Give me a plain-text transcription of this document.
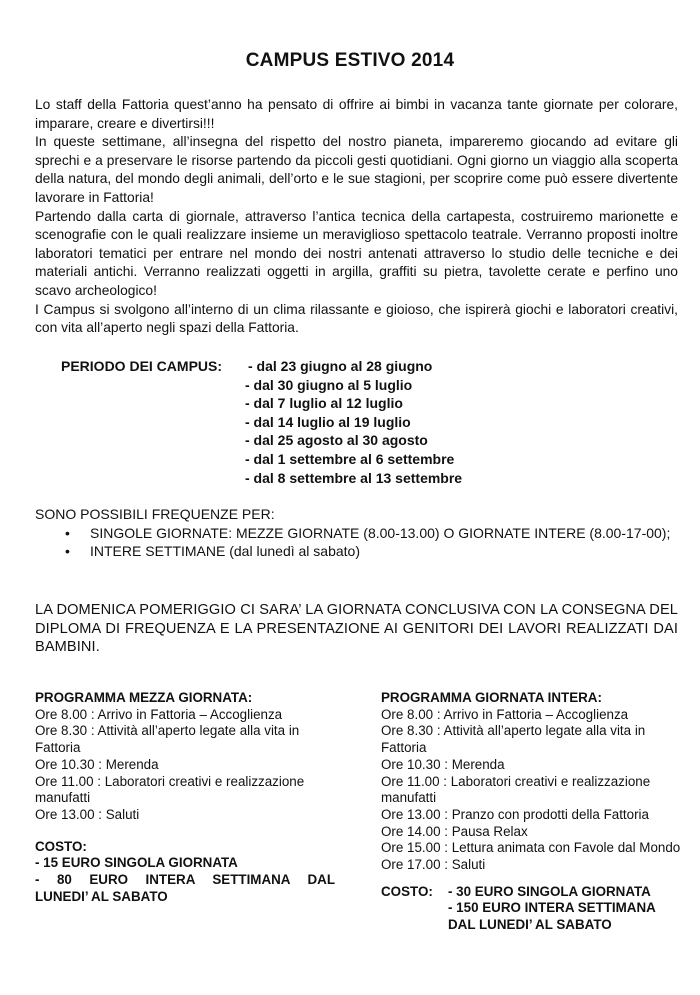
CAMPUS ESTIVO 2014

Lo staff della Fattoria quest’anno ha pensato di offrire ai bimbi in vacanza tante giornate per colorare, imparare, creare e divertirsi!!!

In queste settimane, all’insegna del rispetto del nostro pianeta, impareremo giocando ad evitare gli sprechi e a preservare le risorse partendo da piccoli gesti quotidiani. Ogni giorno un viaggio alla scoperta della natura, del mondo degli animali, dell’orto e le sue stagioni, per scoprire come può essere divertente lavorare in Fattoria!

Partendo dalla carta di giornale, attraverso l’antica tecnica della cartapesta, costruiremo marionette e scenografie con le quali realizzare insieme un meraviglioso spettacolo teatrale. Verranno proposti inoltre laboratori tematici per entrare nel mondo dei nostri antenati attraverso lo studio delle tecniche e dei materiali antichi. Verranno realizzati oggetti in argilla, graffiti su pietra, tavolette cerate e perfino uno scavo archeologico!

I Campus si svolgono all’interno di un clima rilassante e gioioso, che ispirerà giochi e laboratori creativi, con vita all’aperto negli spazi della Fattoria.

PERIODO DEI CAMPUS: - dal 23 giugno al 28 giugno
- dal 30 giugno al 5 luglio
- dal 7 luglio al 12 luglio
- dal 14 luglio al 19 luglio
- dal 25 agosto al 30 agosto
- dal 1 settembre al 6 settembre
- dal 8 settembre al 13 settembre

SONO POSSIBILI FREQUENZE PER:

• SINGOLE GIORNATE: MEZZE GIORNATE (8.00-13.00) O GIORNATE INTERE (8.00-17-00);
• INTERE SETTIMANE (dal lunedì al sabato)
LA DOMENICA POMERIGGIO CI SARA’ LA GIORNATA CONCLUSIVA CON LA CONSEGNA DEL DIPLOMA DI FREQUENZA E LA PRESENTAZIONE AI GENITORI DEI LAVORI REALIZZATI DAI BAMBINI.
PROGRAMMA MEZZA GIORNATA:
Ore 8.00 : Arrivo in Fattoria – Accoglienza
Ore 8.30 : Attività all’aperto legate alla vita in Fattoria
Ore 10.30 : Merenda
Ore 11.00 : Laboratori creativi e realizzazione manufatti
Ore 13.00 : Saluti
COSTO:
- 15 EURO SINGOLA GIORNATA
- 80 EURO INTERA SETTIMANA DAL
LUNEDI’ AL SABATO
PROGRAMMA GIORNATA INTERA:
Ore 8.00 : Arrivo in Fattoria – Accoglienza
Ore 8.30 : Attività all’aperto legate alla vita in Fattoria
Ore 10.30 : Merenda
Ore 11.00 : Laboratori creativi e realizzazione manufatti
Ore 13.00 : Pranzo con prodotti della Fattoria
Ore 14.00 : Pausa Relax
Ore 15.00 : Lettura animata con Favole dal Mondo
Ore 17.00 : Saluti
COSTO: - 30 EURO SINGOLA GIORNATA
- 150 EURO INTERA SETTIMANA
DAL LUNEDI’ AL SABATO
